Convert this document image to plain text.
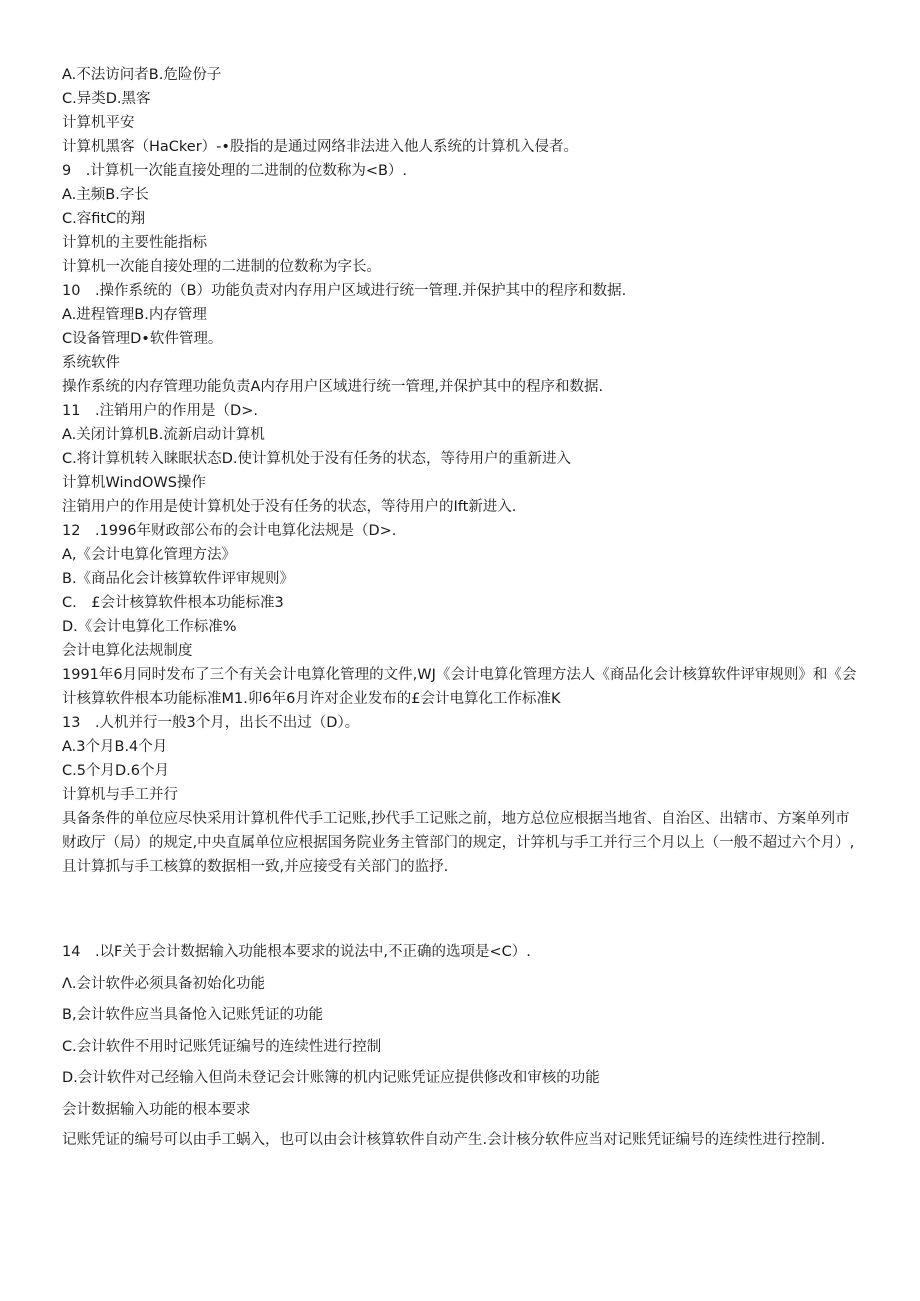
A.不法访问者B.危险份子
C.异类D.黑客
计算机平安
计算机黑客（HaCker）-•股指的是通过网络非法进入他人系统的计算机入侵者。
9　.计算机一次能直接处理的二进制的位数称为<B）.
A.主频B.字长
C.容fitC的翔
计算机的主要性能指标
计算机一次能自接处理的二进制的位数称为字长。
10　.操作系统的（B）功能负责对内存用户区域进行统一管理.并保护其中的程序和数据.
A.进程管理B.内存管理
C设备管理D•软件管理。
系统软件
操作系统的内存管理功能负责A内存用户区域进行统一管理,并保护其中的程序和数据.
11　.注销用户的作用是（D>.
A.关闭计算机B.流新启动计算机
C.将计算机转入睐眠状态D.使计算机处于没有任务的状态，等待用户的重新进入
计算机WindOWS操作
注销用户的作用是使计算机处于没有任务的状态，等待用户的Ift新进入.
12　.1996年财政部公布的会计电算化法规是（D>.
A,《会计电算化管理方法》
B.《商品化会计核算软件评审规则》
C.　£会计核算软件根本功能标准3
D.《会计电算化工作标准%
会计电算化法规制度
1991年6月同时发布了三个有关会计电算化管理的文件,WJ《会计电算化管理方法人《商品化会计核算软件评审规则》和《会计核算软件根本功能标准M1.卯6年6月许对企业发布的£会计电算化工作标准K
13　.人机并行一般3个月，出长不出过（D）。
A.3个月B.4个月
C.5个月D.6个月
计算机与手工并行
具备条件的单位应尽快采用计算机件代手工记账,抄代手工记账之前，地方总位应根据当地省、自治区、出辖市、方案单列市财政厅（局）的规定,中央直属单位应根据国务院业务主管部门的规定，计笄机与手工并行三个月以上（一般不超过六个月）,且计算抓与手工核算的数据相一致,并应接受有关部门的监抒.
14　.以F关于会计数据输入功能根本要求的说法中,不正确的选项是<C）.
Λ.会计软件必须具备初始化功能
B,会计软件应当具备怆入记账凭证的功能
C.会计软件不用时记账凭证编号的连续性进行控制
D.会计软件对己经输入但尚未登记会计账簿的机内记账凭证应提供修改和审核的功能
会计数据输入功能的根本要求
记账凭证的编号可以由手工蜗入，也可以由会计核算软件自动产生.会计核分软件应当对记账凭证编号的连续性进行控制.
